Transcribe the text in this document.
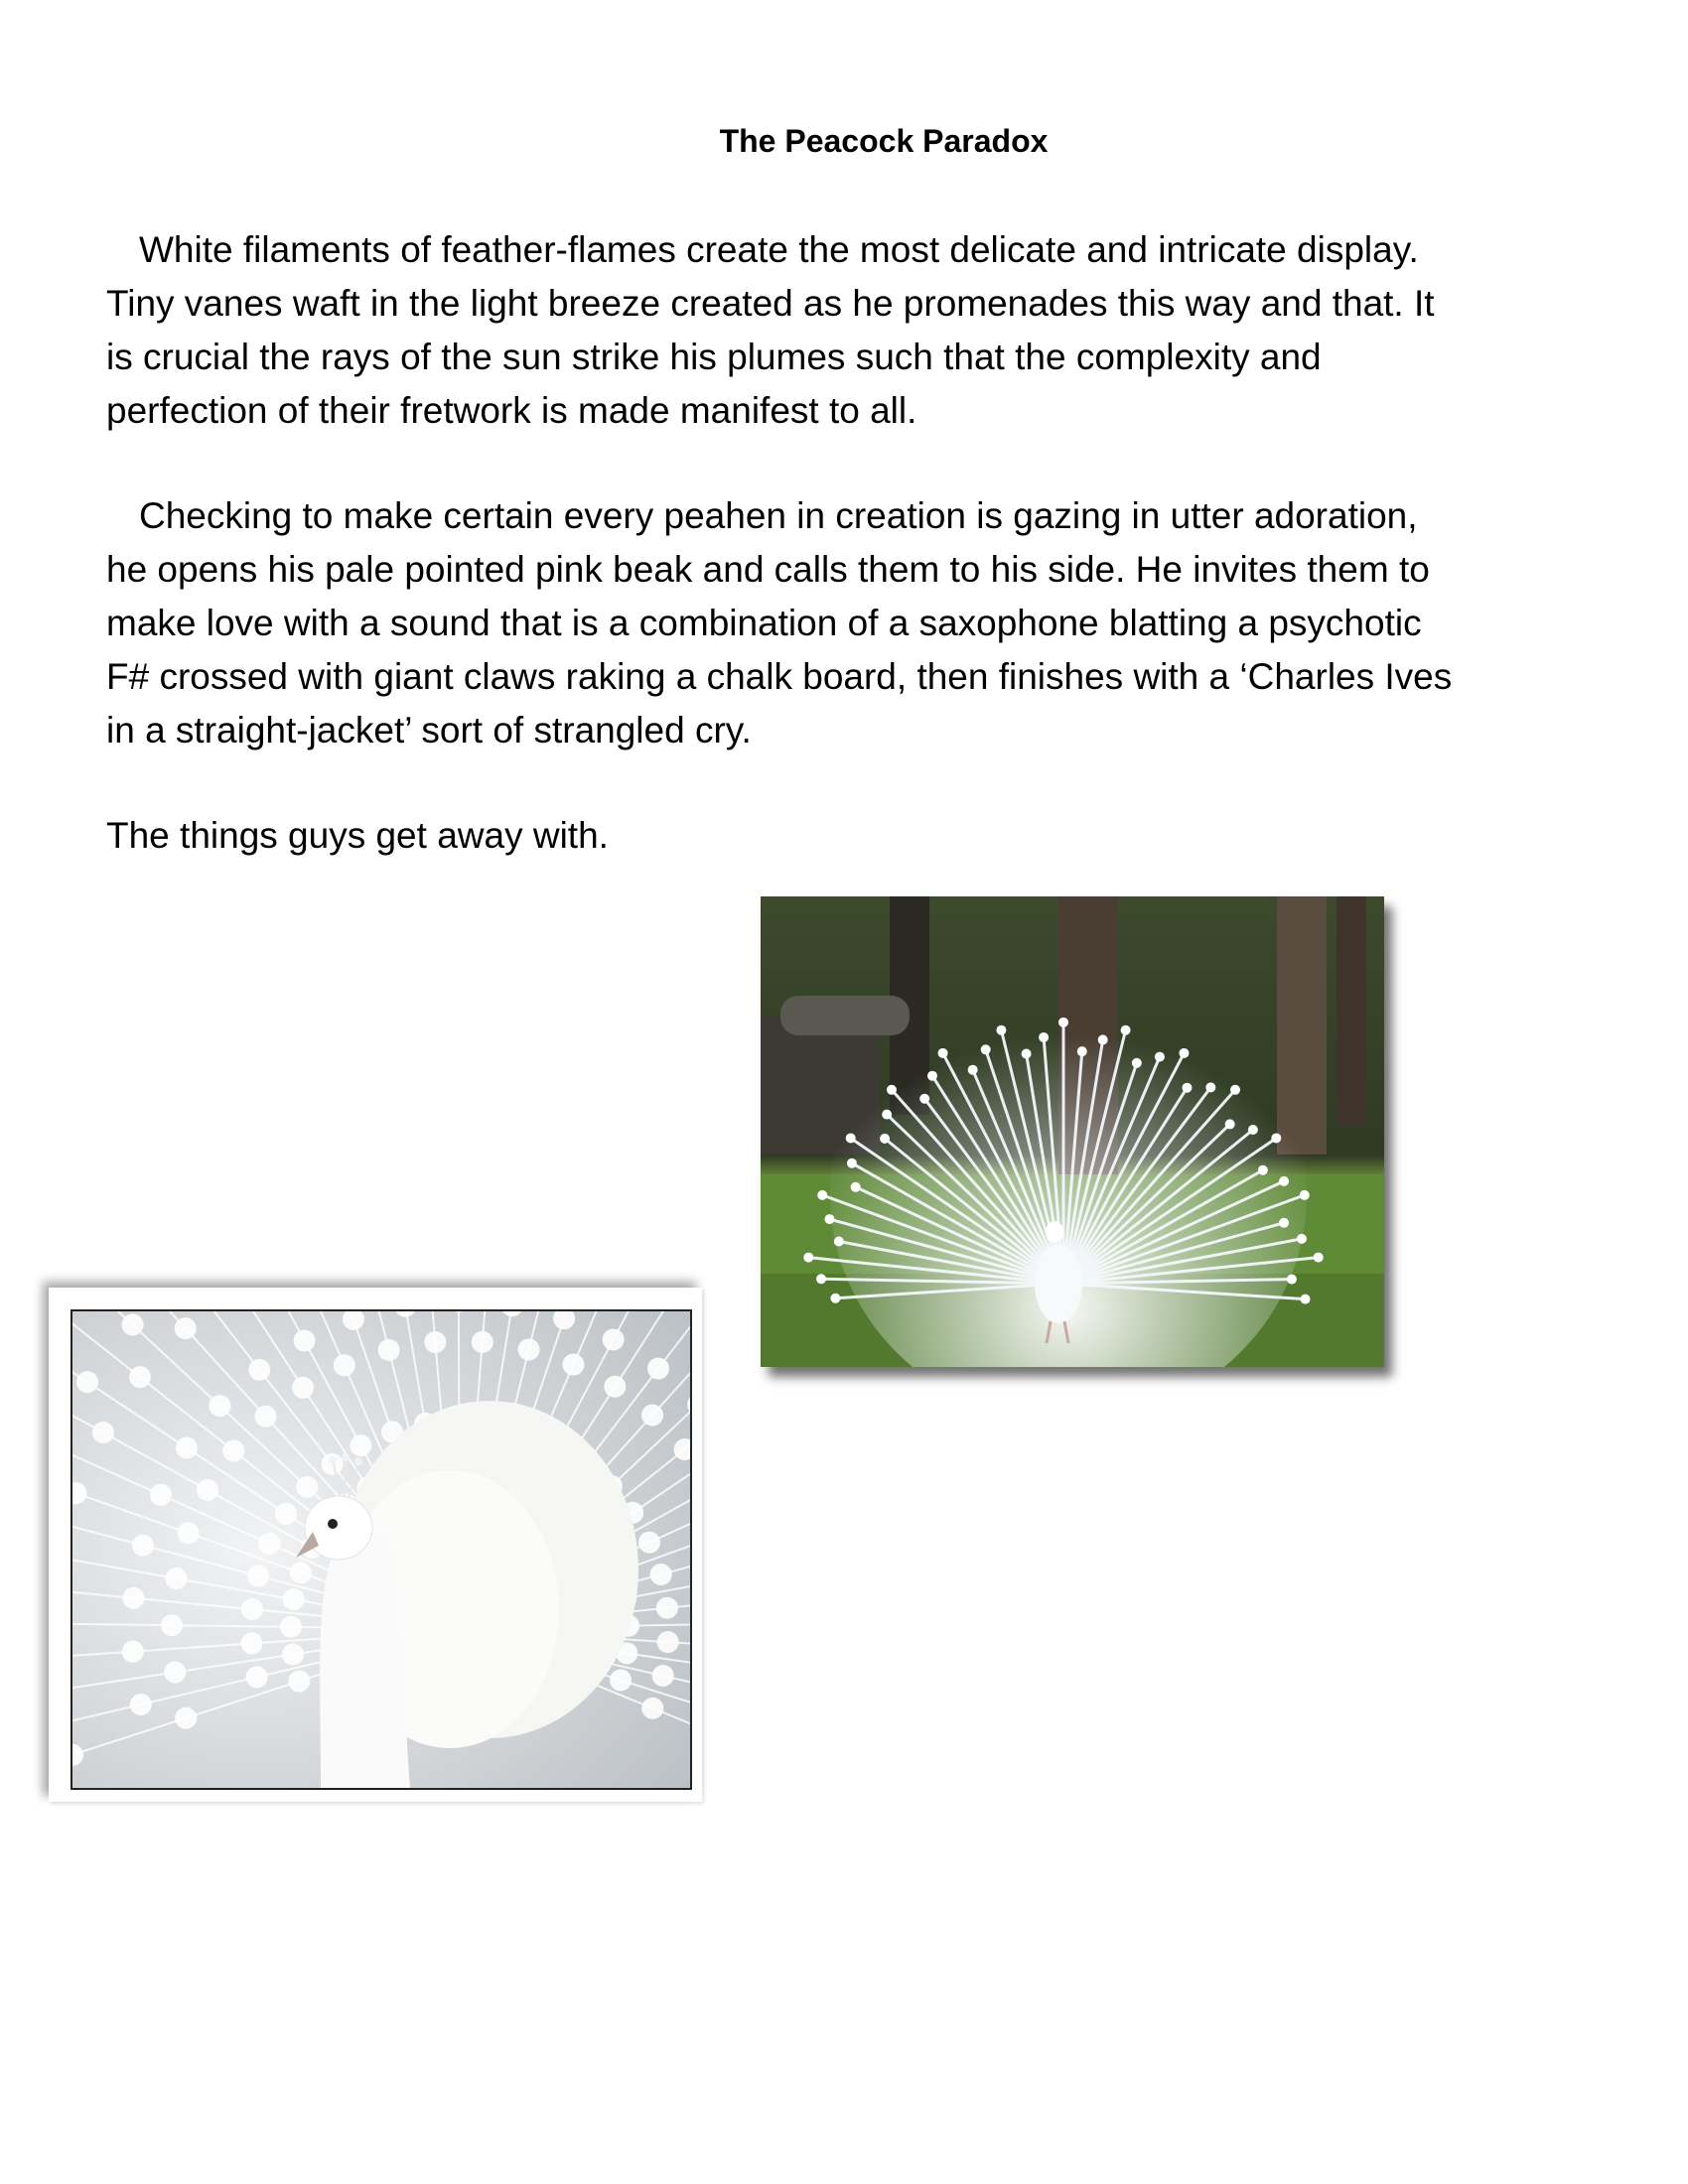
The Peacock Paradox
White filaments of feather-flames create the most delicate and intricate display.
Tiny vanes waft in the light breeze created as he promenades this way and that. It
is crucial the rays of the sun strike his plumes such that the complexity and
perfection of their fretwork is made manifest to all.
Checking to make certain every peahen in creation is gazing in utter adoration,
he opens his pale pointed pink beak and calls them to his side. He invites them to
make love with a sound that is a combination of a saxophone blatting a psychotic
F# crossed with giant claws raking a chalk board, then finishes with a ‘Charles Ives
in a straight-jacket’ sort of strangled cry.
The things guys get away with.
